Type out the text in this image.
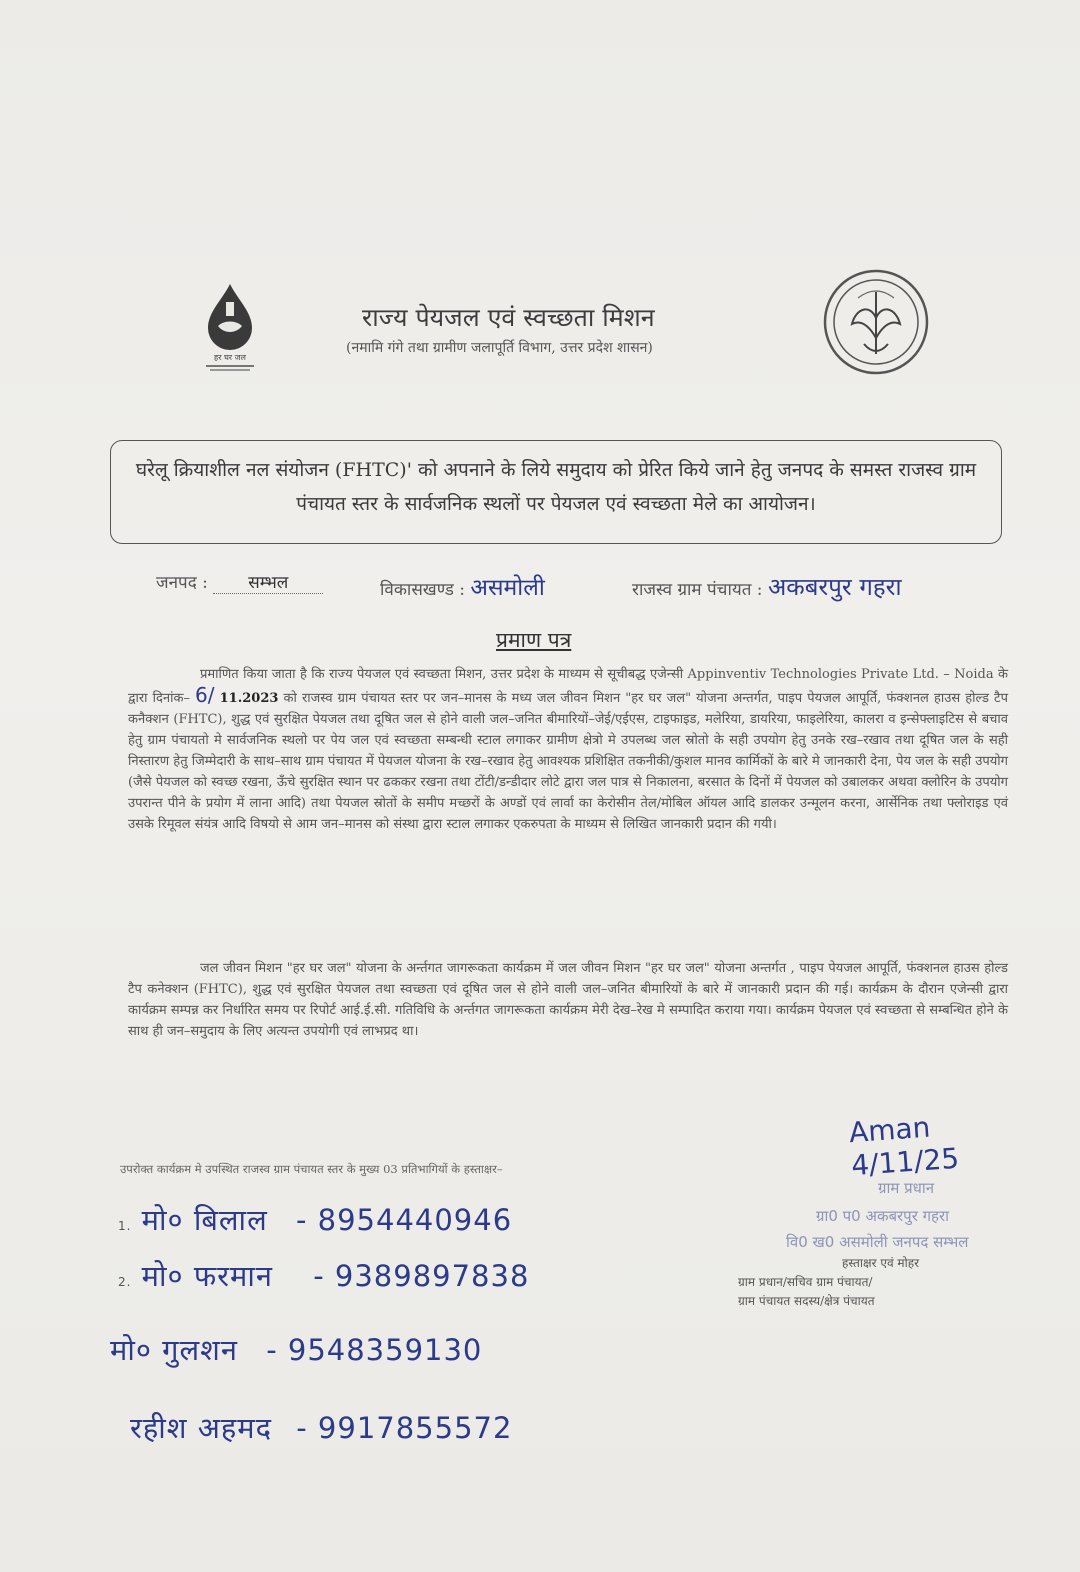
हर घर जल
राज्य पेयजल एवं स्वच्छता मिशन
(नमामि गंगे तथा ग्रामीण जलापूर्ति विभाग, उत्तर प्रदेश शासन)
घरेलू क्रियाशील नल संयोजन (FHTC)' को अपनाने के लिये समुदाय को प्रेरित किये जाने हेतु जनपद के समस्त राजस्व ग्राम पंचायत स्तर के सार्वजनिक स्थलों पर पेयजल एवं स्वच्छता मेले का आयोजन।
जनपद : सम्भल	विकासखण्ड : असमोली	राजस्व ग्राम पंचायत : अकबरपुर गहरा
प्रमाण पत्र
प्रमाणित किया जाता है कि राज्य पेयजल एवं स्वच्छता मिशन, उत्तर प्रदेश के माध्यम से सूचीबद्ध एजेन्सी Appinventiv Technologies Private Ltd. – Noida के द्वारा दिनांक– 6/ 11.2023 को राजस्व ग्राम पंचायत स्तर पर जन–मानस के मध्य जल जीवन मिशन "हर घर जल" योजना अन्तर्गत, पाइप पेयजल आपूर्ति, फंक्शनल हाउस होल्ड टैप कनैक्शन (FHTC), शुद्ध एवं सुरक्षित पेयजल तथा दूषित जल से होने वाली जल–जनित बीमारियों–जेई/एईएस, टाइफाइड, मलेरिया, डायरिया, फाइलेरिया, कालरा व इन्सेफ्लाइटिस से बचाव हेतु ग्राम पंचायतो मे सार्वजनिक स्थलो पर पेय जल एवं स्वच्छता सम्बन्धी स्टाल लगाकर ग्रामीण क्षेत्रो मे उपलब्ध जल स्रोतो के सही उपयोग हेतु उनके रख–रखाव तथा दूषित जल के सही निस्तारण हेतु जिम्मेदारी के साथ–साथ ग्राम पंचायत में पेयजल योजना के रख–रखाव हेतु आवश्यक प्रशिक्षित तकनीकी/कुशल मानव कार्मिकों के बारे मे जानकारी देना, पेय जल के सही उपयोग (जैसे पेयजल को स्वच्छ रखना, ऊँचे सुरक्षित स्थान पर ढककर रखना तथा टोंटी/डन्डीदार लोटे द्वारा जल पात्र से निकालना, बरसात के दिनों में पेयजल को उबालकर अथवा क्लोरिन के उपयोग उपरान्त पीने के प्रयोग में लाना आदि) तथा पेयजल स्रोतों के समीप मच्छरों के अण्डों एवं लार्वा का केरोसीन तेल/मोबिल ऑयल आदि डालकर उन्मूलन करना, आर्सेनिक तथा फ्लोराइड एवं उसके रिमूवल संयंत्र आदि विषयो से आम जन–मानस को संस्था द्वारा स्टाल लगाकर एकरुपता के माध्यम से लिखित जानकारी प्रदान की गयी।
जल जीवन मिशन "हर घर जल" योजना के अर्न्तगत जागरूकता कार्यक्रम में जल जीवन मिशन "हर घर जल" योजना अन्तर्गत , पाइप पेयजल आपूर्ति, फंक्शनल हाउस होल्ड टैप कनेक्शन (FHTC), शुद्ध एवं सुरक्षित पेयजल तथा स्वच्छता एवं दूषित जल से होने वाली जल–जनित बीमारियों के बारे में जानकारी प्रदान की गई। कार्यक्रम के दौरान एजेन्सी द्वारा कार्यक्रम सम्पन्न कर निर्धारित समय पर रिपोर्ट आई.ई.सी. गतिविधि के अर्न्तगत जागरूकता कार्यक्रम मेरी देख–रेख मे सम्पादित कराया गया। कार्यक्रम पेयजल एवं स्वच्छता से सम्बन्धित होने के साथ ही जन–समुदाय के लिए अत्यन्त उपयोगी एवं लाभप्रद था।
Aman 4/11/25
ग्राम प्रधान
ग्रा0 प0 अकबरपुर गहरा
वि0 ख0 असमोली जनपद सम्भल
हस्ताक्षर एवं मोहर
ग्राम प्रधान/सचिव ग्राम पंचायत/
ग्राम पंचायत सदस्य/क्षेत्र पंचायत
उपरोक्त कार्यक्रम मे उपस्थित राजस्व ग्राम पंचायत स्तर के मुख्य 03 प्रतिभागियों के हस्ताक्षर–
1. मो० बिलाल - 8954440946
2. मो० फरमान - 9389897838
मो० गुलशन - 9548359130
रहीश अहमद - 9917855572
